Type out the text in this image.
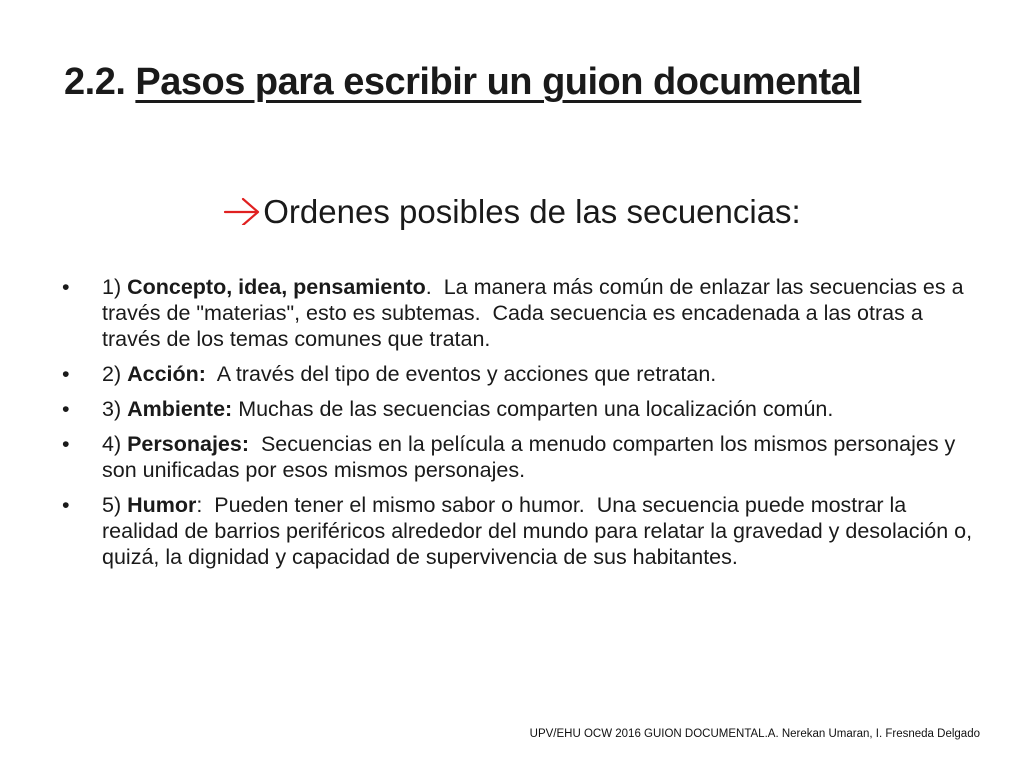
2.2. Pasos para escribir un guion documental
Ordenes posibles de las secuencias:
• 1) Concepto, idea, pensamiento.  La manera más común de enlazar las secuencias es a través de "materias", esto es subtemas.  Cada secuencia es encadenada a las otras a través de los temas comunes que tratan.
• 2) Acción:  A través del tipo de eventos y acciones que retratan.
• 3) Ambiente: Muchas de las secuencias comparten una localización común.
• 4) Personajes:  Secuencias en la película a menudo comparten los mismos personajes y son unificadas por esos mismos personajes.
• 5) Humor:  Pueden tener el mismo sabor o humor.  Una secuencia puede mostrar la realidad de barrios periféricos alrededor del mundo para relatar la gravedad y desolación o, quizá, la dignidad y capacidad de supervivencia de sus habitantes.
UPV/EHU OCW 2016 GUION DOCUMENTAL.A. Nerekan Umaran, I. Fresneda Delgado
